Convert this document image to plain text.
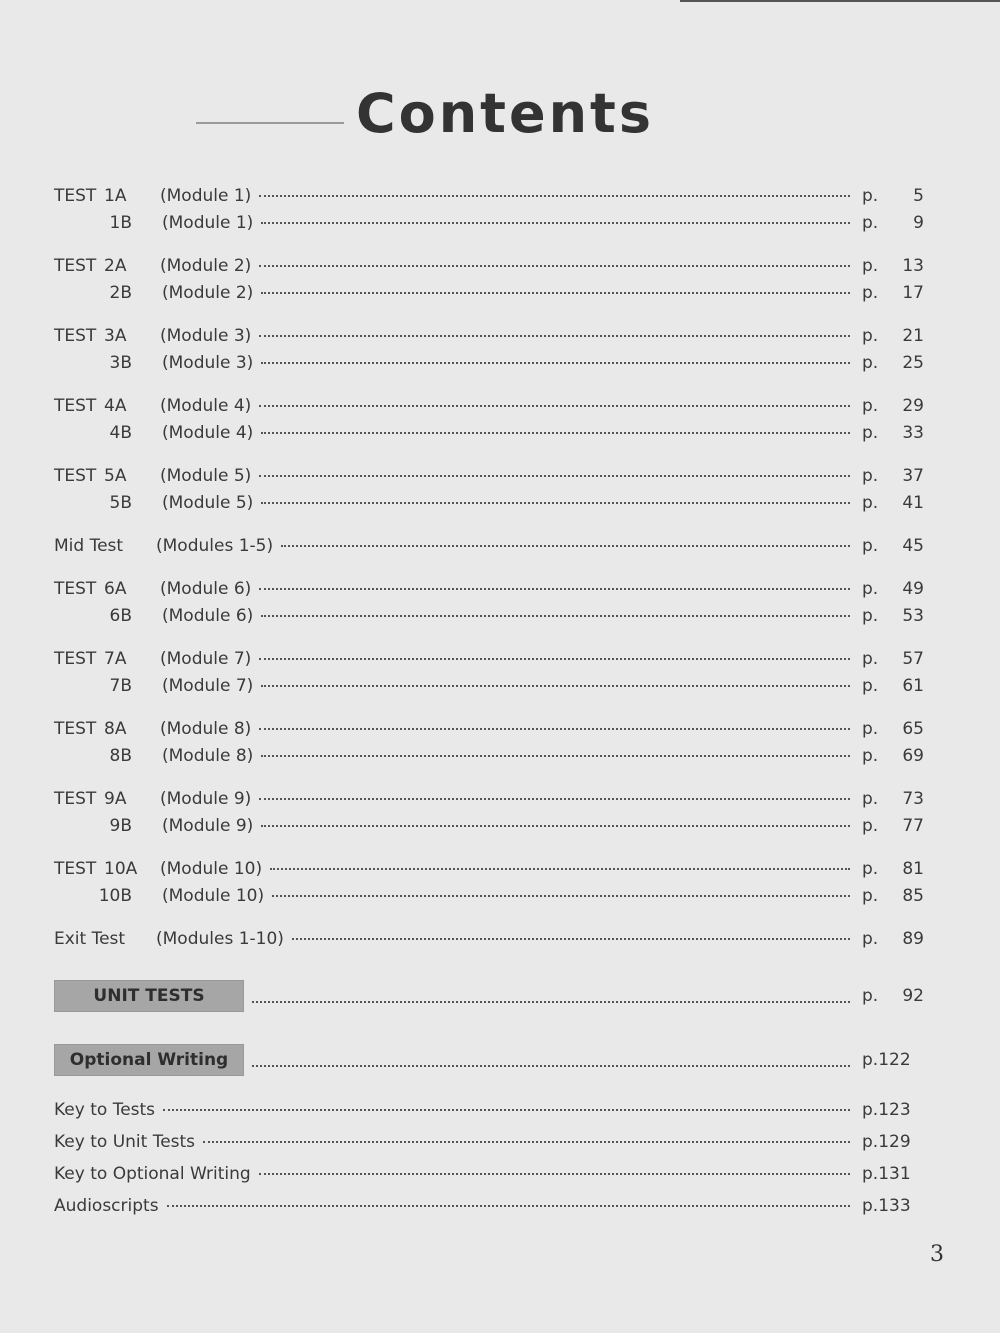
Contents
TEST 1A	(Module 1)	p.	5
1B (Module 1)	p.	9
TEST 2A	(Module 2)	p. 13
2B (Module 2)	p. 17
TEST 3A	(Module 3)	p. 21
3B (Module 3)	p. 25
TEST 4A	(Module 4)	p. 29
4B (Module 4)	p. 33
TEST 5A	(Module 5)	p. 37
5B (Module 5)	p. 41
Mid Test	(Modules 1-5)	p. 45
TEST 6A	(Module 6)	p. 49
6B (Module 6)	p. 53
TEST 7A	(Module 7)	p. 57
7B (Module 7)	p. 61
TEST 8A	(Module 8)	p. 65
8B (Module 8)	p. 69
TEST 9A	(Module 9)	p. 73
9B (Module 9)	p. 77
TEST 10A	(Module 10)	p. 81
10B (Module 10)	p. 85
Exit Test	(Modules 1-10)	p. 89
UNIT TESTS	p. 92
Optional Writing	p.122
Key to Tests	p.123
Key to Unit Tests	p.129
Key to Optional Writing	p.131
Audioscripts	p.133
3
